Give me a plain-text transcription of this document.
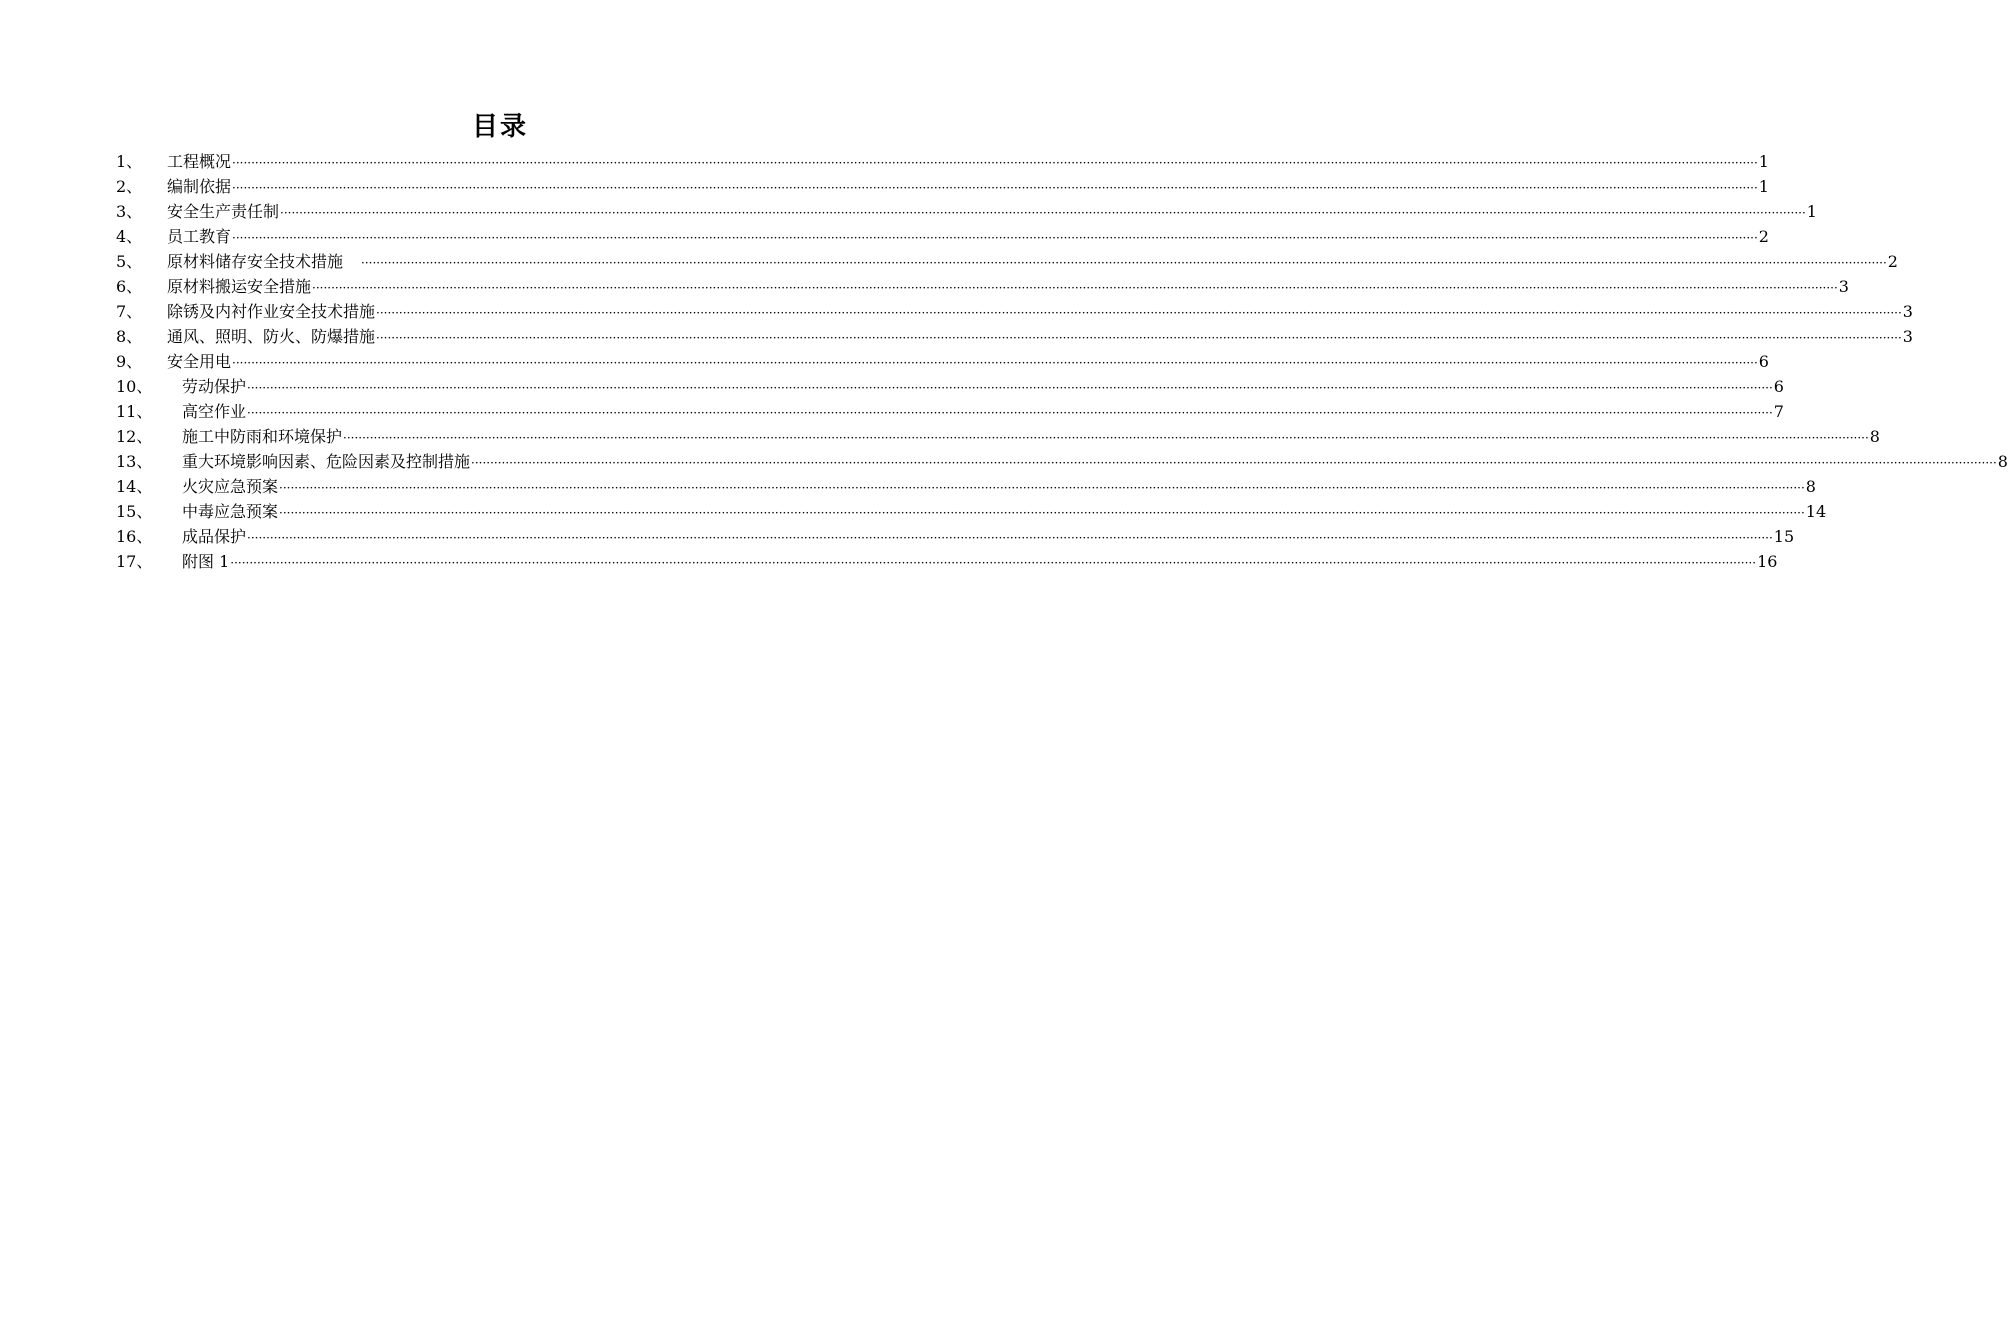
目录
1、 工程概况 ················································································································································································································································································································································································································ 1
2、 编制依据 ················································································································································································································································································································································································································ 1
3、 安全生产责任制 ················································································································································································································································································································································································································ 1
4、 员工教育 ················································································································································································································································································································································································································ 2
5、 原材料储存安全技术措施 ················································································································································································································································································································································································································ 2
6、 原材料搬运安全措施 ················································································································································································································································································································································································································ 3
7、 除锈及内衬作业安全技术措施 ················································································································································································································································································································································································································ 3
8、 通风、照明、防火、防爆措施 ················································································································································································································································································································································································································ 3
9、 安全用电 ················································································································································································································································································································································································································ 6
10、 劳动保护 ················································································································································································································································································································································································································ 6
11、 高空作业 ················································································································································································································································································································································································································ 7
12、 施工中防雨和环境保护 ················································································································································································································································································································································································································ 8
13、 重大环境影响因素、危险因素及控制措施 ················································································································································································································································································································································································································ 8
14、 火灾应急预案 ················································································································································································································································································································································································································ 8
15、 中毒应急预案 ················································································································································································································································································································································································································ 14
16、 成品保护 ················································································································································································································································································································································································································ 15
17、 附图 1 ················································································································································································································································································································································································································ 16
